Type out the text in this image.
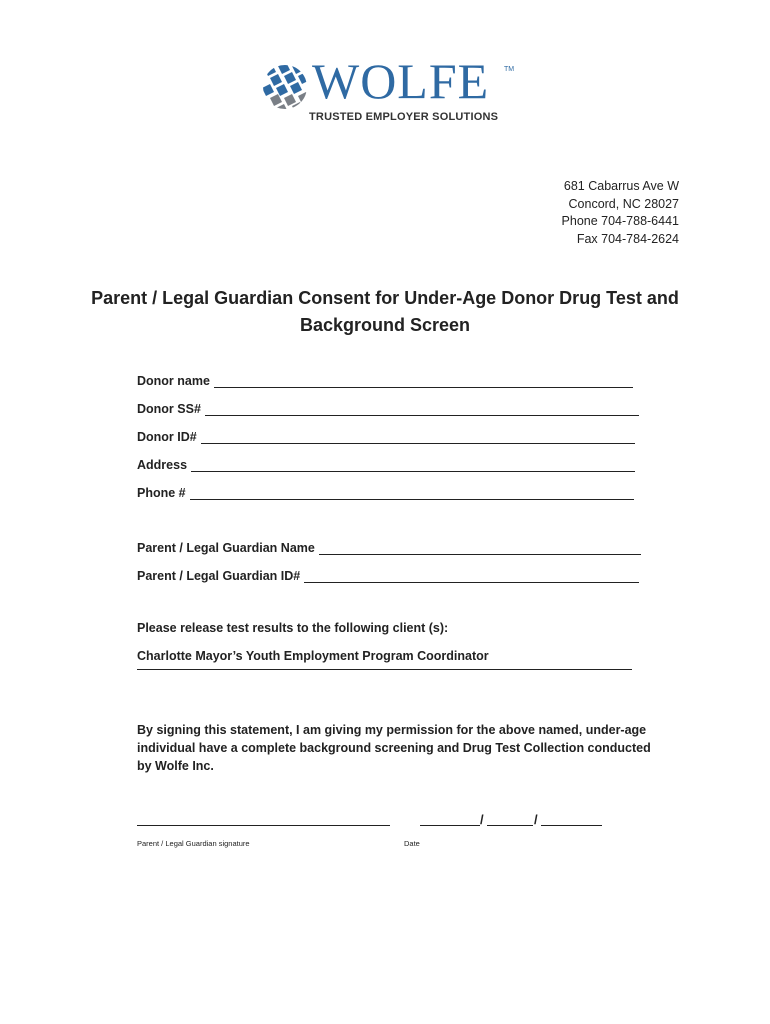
WOLFE TM
TRUSTED EMPLOYER SOLUTIONS
681 Cabarrus Ave W
Concord, NC 28027
Phone 704-788-6441
Fax 704-784-2624
Parent / Legal Guardian Consent for Under-Age Donor Drug Test and
Background Screen
Donor name
Donor SS#
Donor ID#
Address
Phone #
Parent / Legal Guardian Name
Parent / Legal Guardian ID#
Please release test results to the following client (s):
Charlotte Mayor’s Youth Employment Program Coordinator
By signing this statement, I am giving my permission for the above named, under-age individual have a complete background screening and Drug Test Collection conducted by Wolfe Inc.
/	/
Parent / Legal Guardian signature	Date
